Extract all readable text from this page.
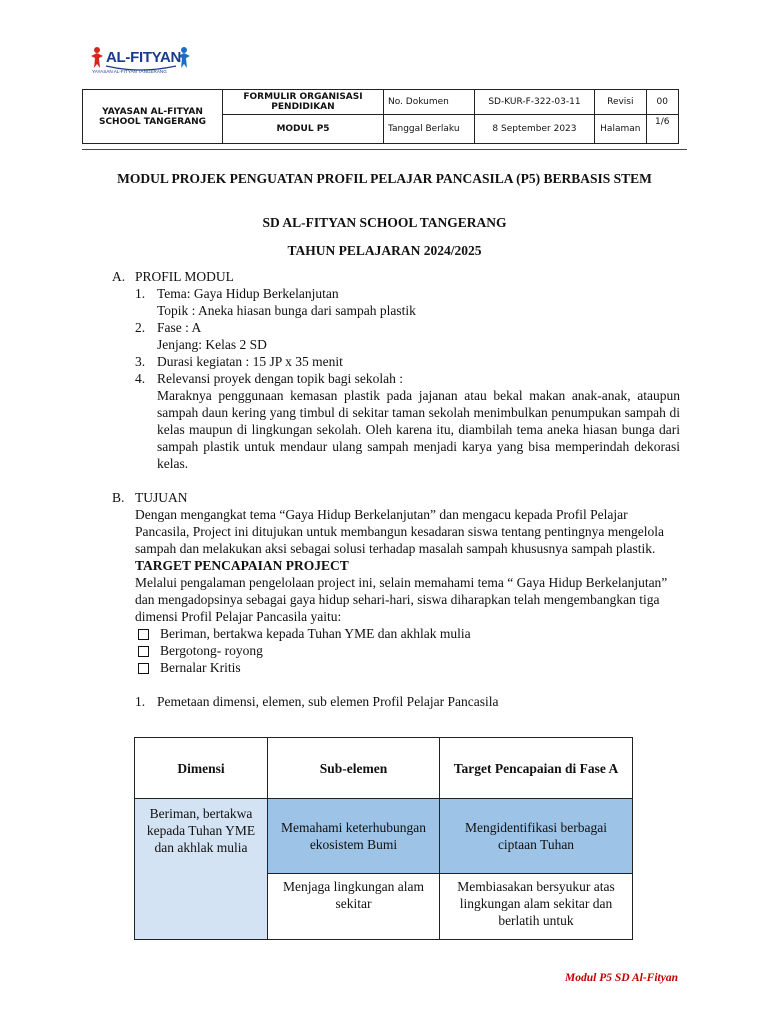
AL-FITYAN
YAYASAN AL-FITYAN TANGERANG
YAYASAN AL-FITYAN SCHOOL TANGERANG	FORMULIR ORGANISASI PENDIDIKAN	No. Dokumen	SD-KUR-F-322-03-11	Revisi	00
	MODUL P5	Tanggal Berlaku	8 September 2023	Halaman	1/6
MODUL PROJEK PENGUATAN PROFIL PELAJAR PANCASILA (P5) BERBASIS STEM
SD AL-FITYAN SCHOOL TANGERANG
TAHUN PELAJARAN 2024/2025
A. PROFIL MODUL
1. Tema: Gaya Hidup Berkelanjutan
Topik : Aneka hiasan bunga dari sampah plastik
2. Fase : A
Jenjang: Kelas 2 SD
3. Durasi kegiatan : 15 JP x 35 menit
4. Relevansi proyek dengan topik bagi sekolah :
Maraknya penggunaan kemasan plastik pada jajanan atau bekal makan anak-anak, ataupun sampah daun kering yang timbul di sekitar taman sekolah menimbulkan penumpukan sampah di kelas maupun di lingkungan sekolah. Oleh karena itu, diambilah tema aneka hiasan bunga dari sampah plastik untuk mendaur ulang sampah menjadi karya yang bisa memperindah dekorasi kelas.
B. TUJUAN
Dengan mengangkat tema “Gaya Hidup Berkelanjutan” dan mengacu kepada Profil Pelajar Pancasila, Project ini ditujukan untuk membangun kesadaran siswa tentang pentingnya mengelola sampah dan melakukan aksi sebagai solusi terhadap masalah sampah khususnya sampah plastik.
TARGET PENCAPAIAN PROJECT
Melalui pengalaman pengelolaan project ini, selain memahami tema “ Gaya Hidup Berkelanjutan” dan mengadopsinya sebagai gaya hidup sehari-hari, siswa diharapkan telah mengembangkan tiga dimensi Profil Pelajar Pancasila yaitu:
Beriman, bertakwa kepada Tuhan YME dan akhlak mulia
Bergotong- royong
Bernalar Kritis
1. Pemetaan dimensi, elemen, sub elemen Profil Pelajar Pancasila
Dimensi	Sub-elemen	Target Pencapaian di Fase A
Beriman, bertakwa kepada Tuhan YME dan akhlak mulia	Memahami keterhubungan ekosistem Bumi	Mengidentifikasi berbagai ciptaan Tuhan
	Menjaga lingkungan alam sekitar	Membiasakan bersyukur atas lingkungan alam sekitar dan berlatih untuk
Modul P5 SD Al-Fityan
